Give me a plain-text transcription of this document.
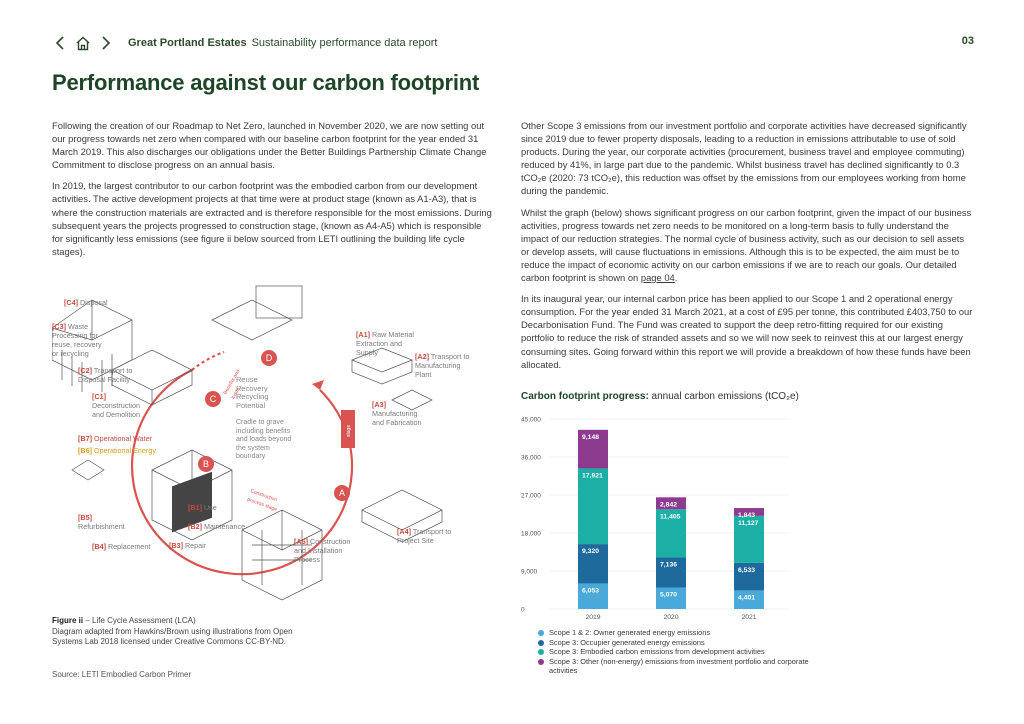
Great Portland Estates Sustainability performance data report	03
Performance against our carbon footprint

Following the creation of our Roadmap to Net Zero, launched in November 2020, we are now setting out our progress towards net zero when compared with our baseline carbon footprint for the year ended 31 March 2019. This also discharges our obligations under the Better Buildings Partnership Climate Change Commitment to disclose progress on an annual basis.

In 2019, the largest contributor to our carbon footprint was the embodied carbon from our development activities. The active development projects at that time were at product stage (known as A1-A3), that is where the construction materials are extracted and is therefore responsible for the most emissions. During subsequent years the projects progressed to construction stage, (known as A4-A5) which is responsible for significantly less emissions (see figure ii below sourced from LETI outlining the building life cycle stages).

Other Scope 3 emissions from our investment portfolio and corporate activities have decreased significantly since 2019 due to fewer property disposals, leading to a reduction in emissions attributable to use of sold products. During the year, our corporate activities (procurement, business travel and employee commuting) reduced by 41%, in large part due to the pandemic. Whilst business travel has declined significantly to 0.3 tCO₂e (2020: 73 tCO₂e), this reduction was offset by the emissions from our employees working from home during the pandemic.

Whilst the graph (below) shows significant progress on our carbon footprint, given the impact of our business activities, progress towards net zero needs to be monitored on a long-term basis to fully understand the impact of our reduction strategies. The normal cycle of business activity, such as our decision to sell assets or develop assets, will cause fluctuations in emissions. Although this is to be expected, the aim must be to reduce the impact of economic activity on our carbon emissions if we are to reach our goals. Our detailed carbon footprint is shown on page 04.

In its inaugural year, our internal carbon price has been applied to our Scope 1 and 2 operational energy consumption. For the year ended 31 March 2021, at a cost of £95 per tonne, this contributed £403,750 to our Decarbonisation Fund. The Fund was created to support the deep retro-fitting required for our existing portfolio to reduce the risk of stranded assets and so we will now seek to reinvest this at our largest energy consuming sites. Going forward within this report we will provide a breakdown of how these funds have been allocated.

D
C
B
A
Reuse
Recovery
Recycling
Potential
Cradle to grave
including benefits
and loads beyond
the system
boundary
Benefits and
loads
Product
stage
Construction
process stage
[C4] Disposal
[C3] Waste
Processing for
reuse, recovery
or recycling
[C2] Transport to
Disposal Facility
[C1]
Deconstruction
and Demolition
[B7] Operational Water
[B6] Operational Energy
[B5]
Refurbishment
[B4] Replacement	[B3] Repair
[B2] Maintenance
[B1] Use
[A1] Raw Material
Extraction and
Supply	[A2] Transport to
Manufacturing
Plant
[A3]
Manufacturing
and Fabrication
[A4] Transport to
Project Site
[A5] Construction
and Installation
Process
Figure ii – Life Cycle Assessment (LCA)
Diagram adapted from Hawkins/Brown using illustrations from Open Systems Lab 2018 licensed under Creative Commons CC-BY-ND.
Source: LETI Embodied Carbon Primer
Carbon footprint progress: annual carbon emissions (tCO₂e)
0
9,000
18,000
27,000
36,000
45,000
6,053
9,320
17,921
9,148
2019
5,070
7,136
11,405
2,842
2020
4,401
6,533
11,127
1,843
2021
Scope 1 & 2: Owner generated energy emissions
Scope 3: Occupier generated energy emissions
Scope 3: Embodied carbon emissions from development activities
Scope 3: Other (non-energy) emissions from investment portfolio and corporate activities
